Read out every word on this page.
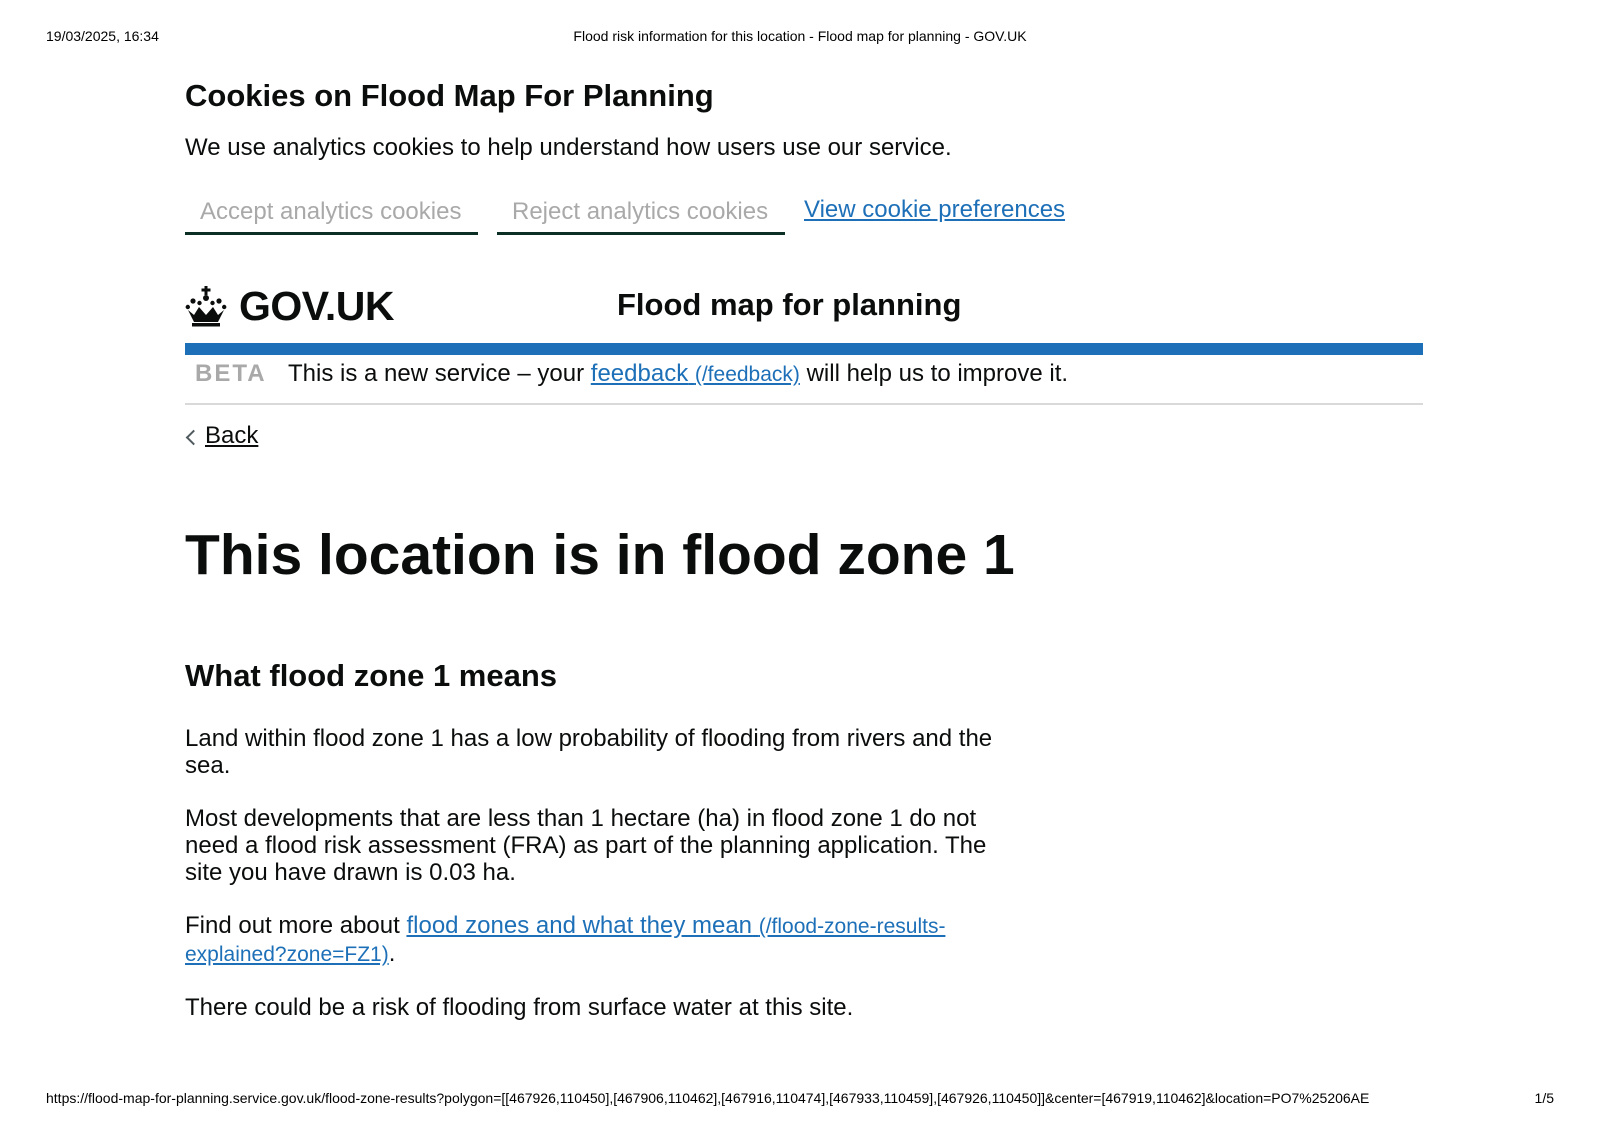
19/03/2025, 16:34	Flood risk information for this location - Flood map for planning - GOV.UK
Cookies on Flood Map For Planning

We use analytics cookies to help understand how users use our service.

Accept analytics cookies	Reject analytics cookies	View cookie preferences
GOV.UK	Flood map for planning
BETA This is a new service – your feedback (/feedback) will help us to improve it.
Back
This location is in flood zone 1
What flood zone 1 means

Land within flood zone 1 has a low probability of flooding from rivers and the sea.

Most developments that are less than 1 hectare (ha) in flood zone 1 do not need a flood risk assessment (FRA) as part of the planning application. The site you have drawn is 0.03 ha.

Find out more about flood zones and what they mean (/flood-zone-results-explained?zone=FZ1).

There could be a risk of flooding from surface water at this site.

https://flood-map-for-planning.service.gov.uk/flood-zone-results?polygon=[[467926,110450],[467906,110462],[467916,110474],[467933,110459],[467926,110450]]&center=[467919,110462]&location=PO7%25206AE	1/5
